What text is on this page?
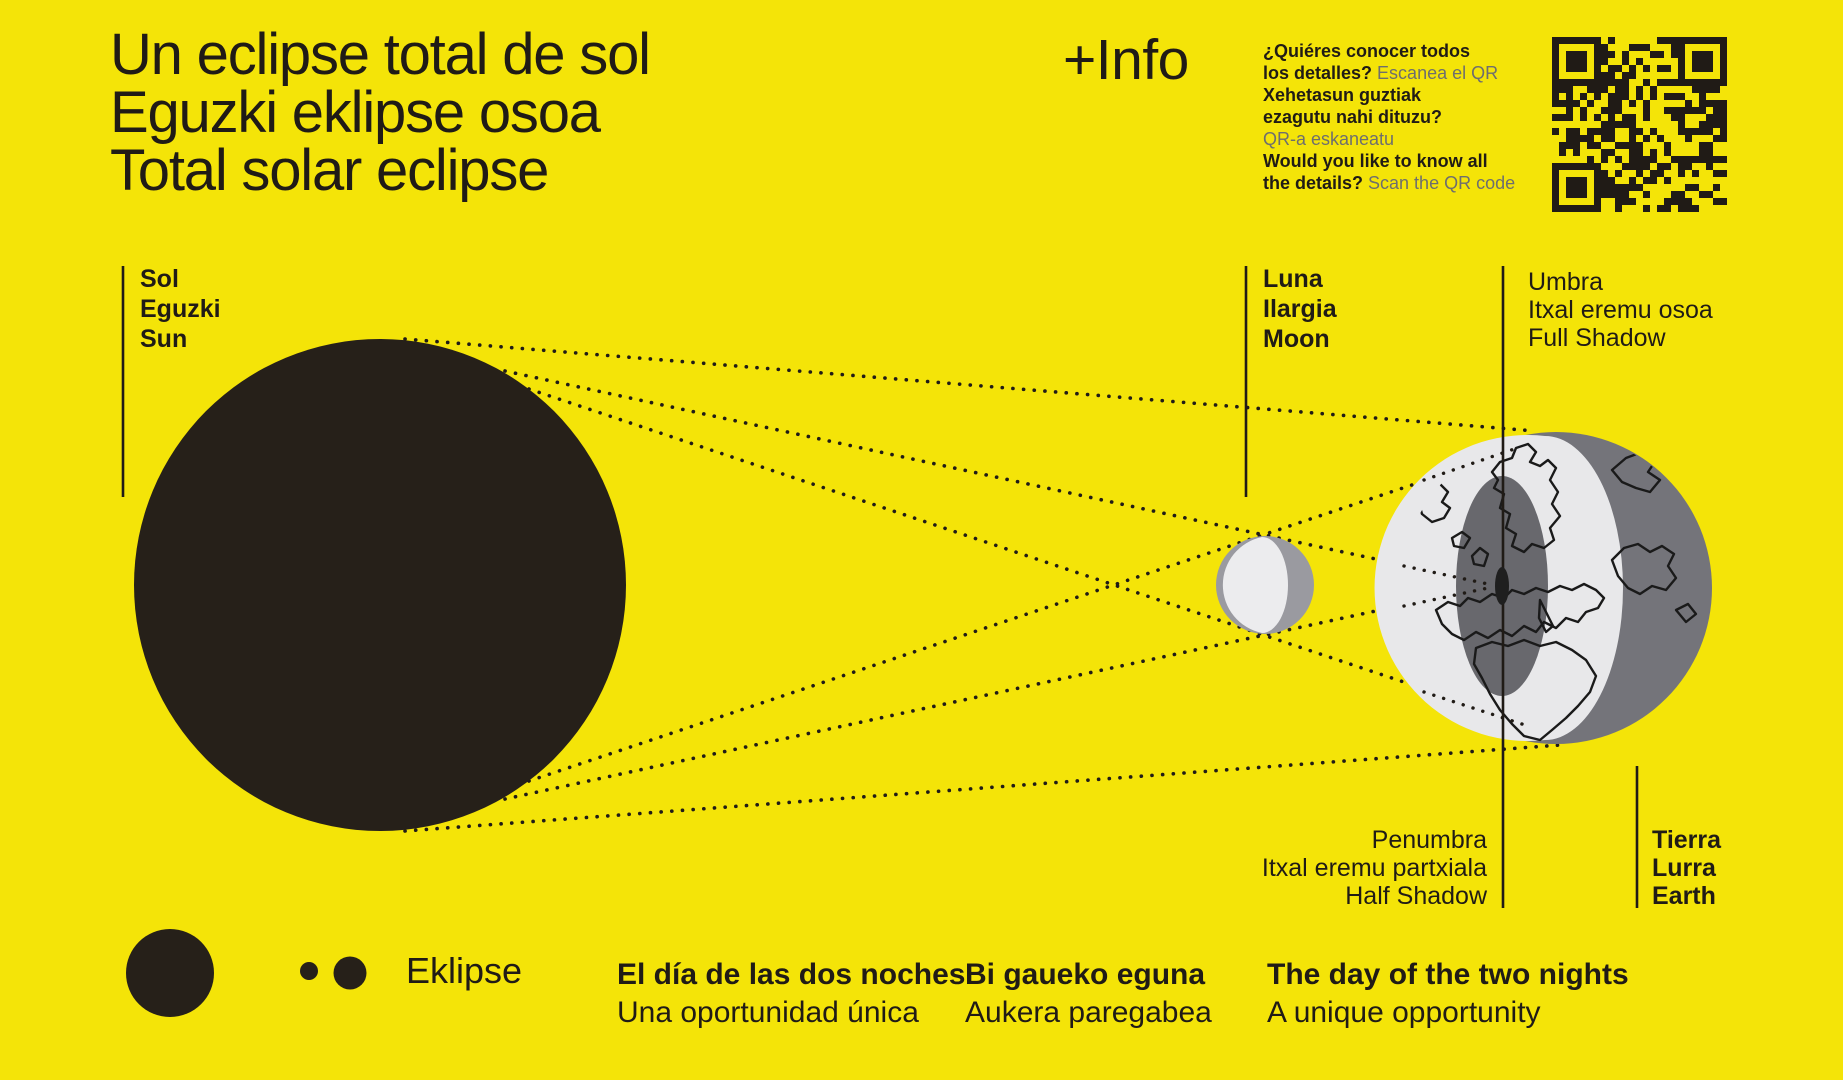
Un eclipse total de sol
Eguzki eklipse osoa
Total solar eclipse
+Info	¿Quiéres conocer todos
los detalles? Escanea el QR
Xehetasun guztiak
ezagutu nahi dituzu?
QR-a eskaneatu
Would you like to know all
the details? Scan the QR code
Sol
Eguzki
Sun
Luna
Ilargia
Moon
Umbra
Itxal eremu osoa
Full Shadow
Penumbra
Itxal eremu partxiala
Half Shadow
Tierra
Lurra
Earth
Eklipse	El día de las dos noches
Una oportunidad única
Bi gaueko eguna
Aukera paregabea
The day of the two nights
A unique opportunity
